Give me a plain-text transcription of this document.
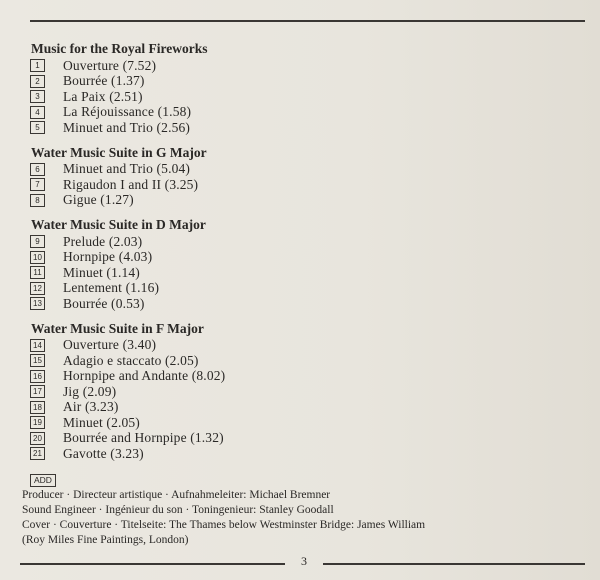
Music for the Royal Fireworks
1	Ouverture (7.52)
2	Bourrée (1.37)
3	La Paix (2.51)
4	La Réjouissance (1.58)
5	Minuet and Trio (2.56)
Water Music Suite in G Major
6	Minuet and Trio (5.04)
7	Rigaudon I and II (3.25)
8	Gigue (1.27)
Water Music Suite in D Major
9	Prelude (2.03)
10 Hornpipe (4.03)
11 Minuet (1.14)
12 Lentement (1.16)
13 Bourrée (0.53)
Water Music Suite in F Major
14 Ouverture (3.40)
15 Adagio e staccato (2.05)
16 Hornpipe and Andante (8.02)
17 Jig (2.09)
18 Air (3.23)
19 Minuet (2.05)
20 Bourrée and Hornpipe (1.32)
21 Gavotte (3.23)
ADD
Producer · Directeur artistique · Aufnahmeleiter: Michael Bremner
Sound Engineer · Ingénieur du son · Toningenieur: Stanley Goodall
Cover · Couverture · Titelseite: The Thames below Westminster Bridge: James William
(Roy Miles Fine Paintings, London)
3
